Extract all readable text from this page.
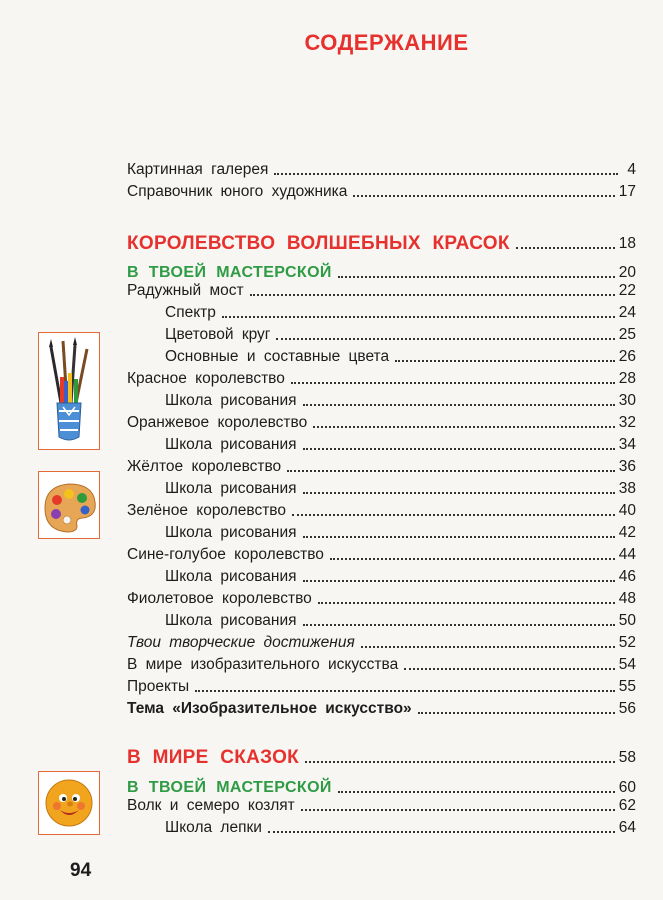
СОДЕРЖАНИЕ
Картинная галерея	4
Справочник юного художника	17
КОРОЛЕВСТВО ВОЛШЕБНЫХ КРАСОК	18
В ТВОЕЙ МАСТЕРСКОЙ	20
Радужный мост	22
Спектр	24
Цветовой круг	25
Основные и составные цвета	26
Красное королевство	28
Школа рисования	30
Оранжевое королевство	32
Школа рисования	34
Жёлтое королевство	36
Школа рисования	38
Зелёное королевство	40
Школа рисования	42
Сине-голубое королевство	44
Школа рисования	46
Фиолетовое королевство	48
Школа рисования	50
Твои творческие достижения	52
В мире изобразительного искусства	54
Проекты	55
Тема «Изобразительное искусство»	56
В МИРЕ СКАЗОК	58
В ТВОЕЙ МАСТЕРСКОЙ	60
Волк и семеро козлят	62
Школа лепки	64
94
